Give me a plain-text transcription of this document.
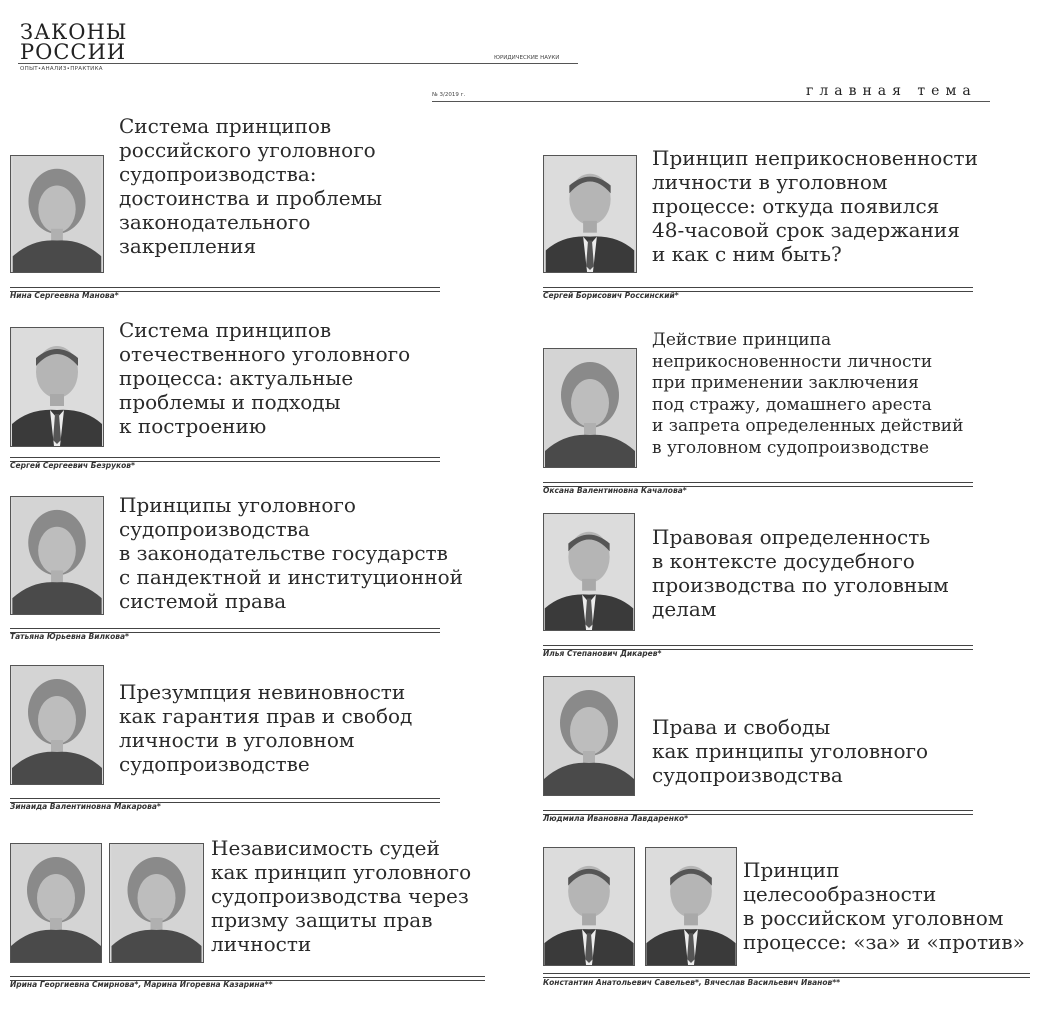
ЗАКОНЫ
РОССИИ
ОПЫТ•АНАЛИЗ•ПРАКТИКА
ЮРИДИЧЕСКИЕ НАУКИ
№ 3/2019 г.	главная тема
Система принципов
российского уголовного
судопроизводства:
достоинства и проблемы
законодательного
закрепления
Нина Сергеевна Манова*
Система принципов
отечественного уголовного
процесса: актуальные
проблемы и подходы
к построению
Сергей Сергеевич Безруков*
Принципы уголовного
судопроизводства
в законодательстве государств
с пандектной и институционной
системой права
Татьяна Юрьевна Вилкова*
Презумпция невиновности
как гарантия прав и свобод
личности в уголовном
судопроизводстве
Зинаида Валентиновна Макарова*
Независимость судей
как принцип уголовного
судопроизводства через
призму защиты прав
личности
Ирина Георгиевна Смирнова*, Марина Игоревна Казарина**
Принцип неприкосновенности
личности в уголовном
процессе: откуда появился
48-часовой срок задержания
и как с ним быть?
Сергей Борисович Россинский*
Действие принципа
неприкосновенности личности
при применении заключения
под стражу, домашнего ареста
и запрета определенных действий
в уголовном судопроизводстве
Оксана Валентиновна Качалова*
Правовая определенность
в контексте досудебного
производства по уголовным
делам
Илья Степанович Дикарев*
Права и свободы
как принципы уголовного
судопроизводства
Людмила Ивановна Лавдаренко*
Принцип
целесообразности
в российском уголовном
процессе: «за» и «против»
Константин Анатольевич Савельев*, Вячеслав Васильевич Иванов**
